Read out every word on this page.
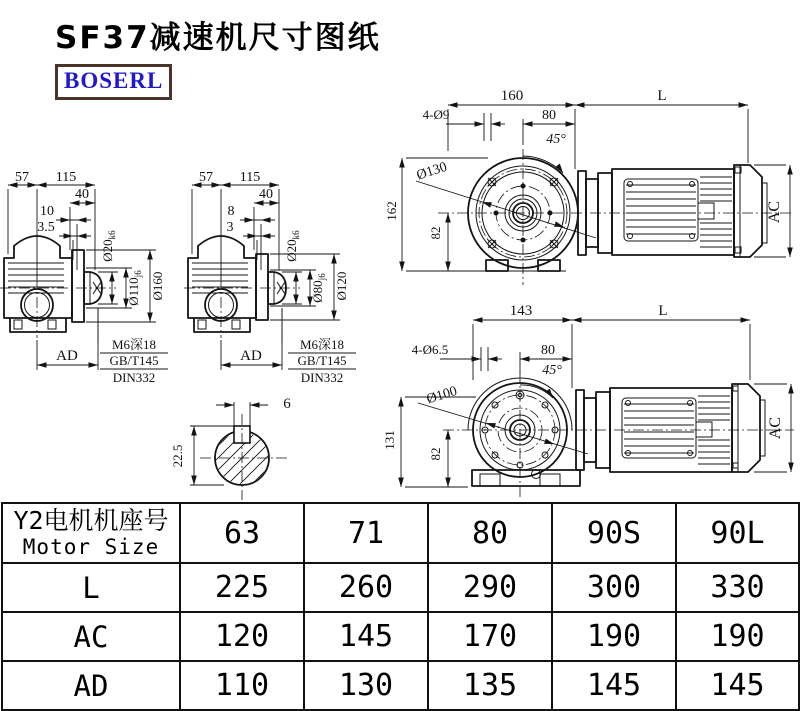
SF37减速机尺寸图纸
BOSERL
57 115
40
10
3.5
$Ø20_{k6}$
$Ø110_{j6}$ Ø160
AD
M6深18
GB/T145
DIN332
57 115
40
8
3
$Ø20_{k6}$
$Ø80_{j6}$ Ø120
AD
M6深18
GB/T145
DIN332
6
22.5
160	L
4-Ø9	80
45°
Ø130
162
82
AC
143	L
4-Ø6.5	80
45°
Ø100
131
82
AC
Y2电机机座号
Motor Size	63	71	80	90S	90L
L	225	260	290	300	330
AC	120	145	170	190	190
AD	110	130	135	145	145
